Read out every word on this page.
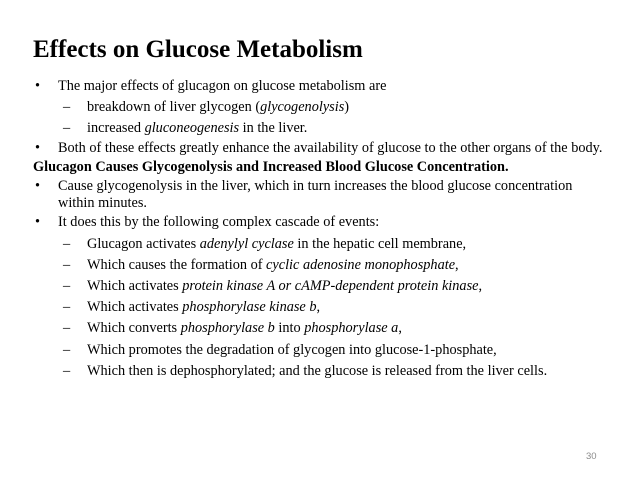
Effects on Glucose Metabolism

• The major effects of glucagon on glucose metabolism are

– breakdown of liver glycogen (glycogenolysis)

– increased gluconeogenesis in the liver.

• Both of these effects greatly enhance the availability of glucose to the other organs of the body.

Glucagon Causes Glycogenolysis and Increased Blood Glucose Concentration.

• Cause glycogenolysis in the liver, which in turn increases the blood glucose concentration within minutes.

• It does this by the following complex cascade of events:

– Glucagon activates adenylyl cyclase in the hepatic cell membrane,

– Which causes the formation of cyclic adenosine monophosphate,

– Which activates protein kinase A or cAMP-dependent protein kinase,

– Which activates phosphorylase kinase b,

– Which converts phosphorylase b into phosphorylase a,

– Which promotes the degradation of glycogen into glucose-1-phosphate,

– Which then is dephosphorylated; and the glucose is released from the liver cells.

30
